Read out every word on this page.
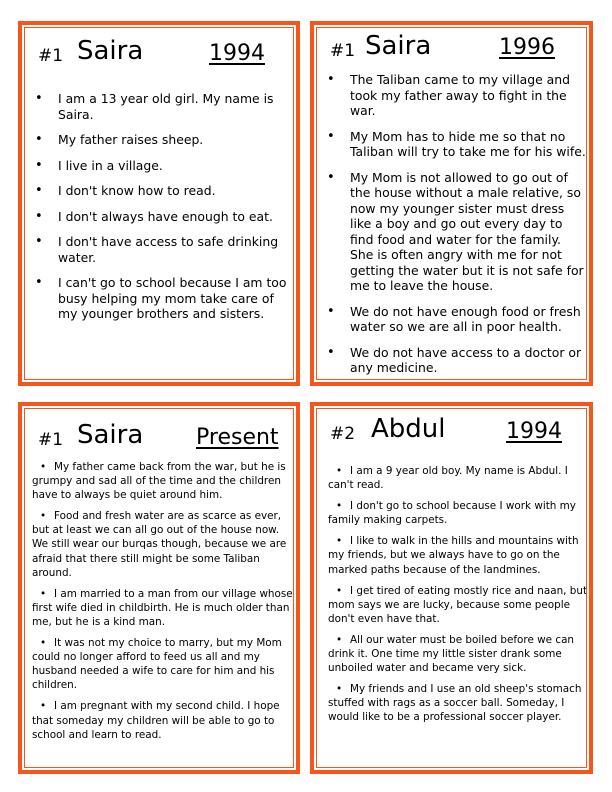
#1 Saira	1994
• I am a 13 year old girl. My name is Saira.
• My father raises sheep.
• I live in a village.
• I don't know how to read.
• I don't always have enough to eat.
• I don't have access to safe drinking water.
• I can't go to school because I am too busy helping my mom take care of my younger brothers and sisters.
#1 Saira	1996
• The Taliban came to my village and took my father away to fight in the war.
• My Mom has to hide me so that no Taliban will try to take me for his wife.
• My Mom is not allowed to go out of the house without a male relative, so now my younger sister must dress like a boy and go out every day to find food and water for the family. She is often angry with me for not getting the water but it is not safe for me to leave the house.
• We do not have enough food or fresh water so we are all in poor health.
• We do not have access to a doctor or any medicine.
#1 Saira Present
• My father came back from the war, but he is grumpy and sad all of the time and the children have to always be quiet around him.
• Food and fresh water are as scarce as ever, but at least we can all go out of the house now. We still wear our burqas though, because we are afraid that there still might be some Taliban around.
• I am married to a man from our village whose first wife died in childbirth. He is much older than me, but he is a kind man.
• It was not my choice to marry, but my Mom could no longer afford to feed us all and my husband needed a wife to care for him and his children.
• I am pregnant with my second child. I hope that someday my children will be able to go to school and learn to read.
#2 Abdul	1994
• I am a 9 year old boy. My name is Abdul. I can't read.
• I don't go to school because I work with my family making carpets.
• I like to walk in the hills and mountains with my friends, but we always have to go on the marked paths because of the landmines.
• I get tired of eating mostly rice and naan, but mom says we are lucky, because some people don't even have that.
• All our water must be boiled before we can drink it. One time my little sister drank some unboiled water and became very sick.
• My friends and I use an old sheep's stomach stuffed with rags as a soccer ball. Someday, I would like to be a professional soccer player.
